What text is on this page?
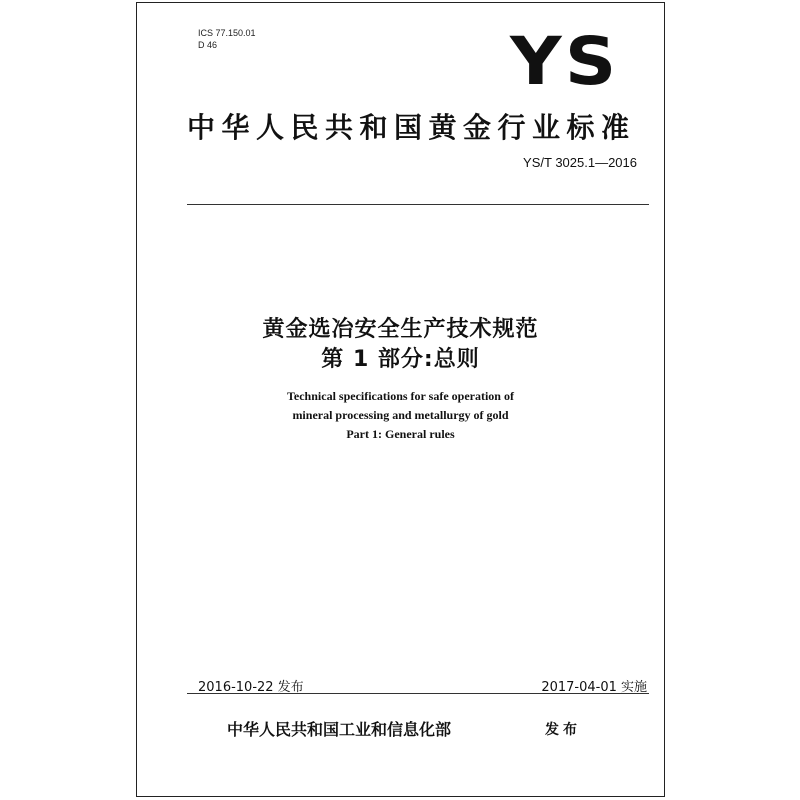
ICS 77.150.01
D 46	YS
中华人民共和国黄金行业标准
YS/T 3025.1—2016
黄金选冶安全生产技术规范
第 1 部分:总则
Technical specifications for safe operation of
mineral processing and metallurgy of gold
Part 1: General rules
2016-10-22 发布	2017-04-01 实施
中华人民共和国工业和信息化部	发布
